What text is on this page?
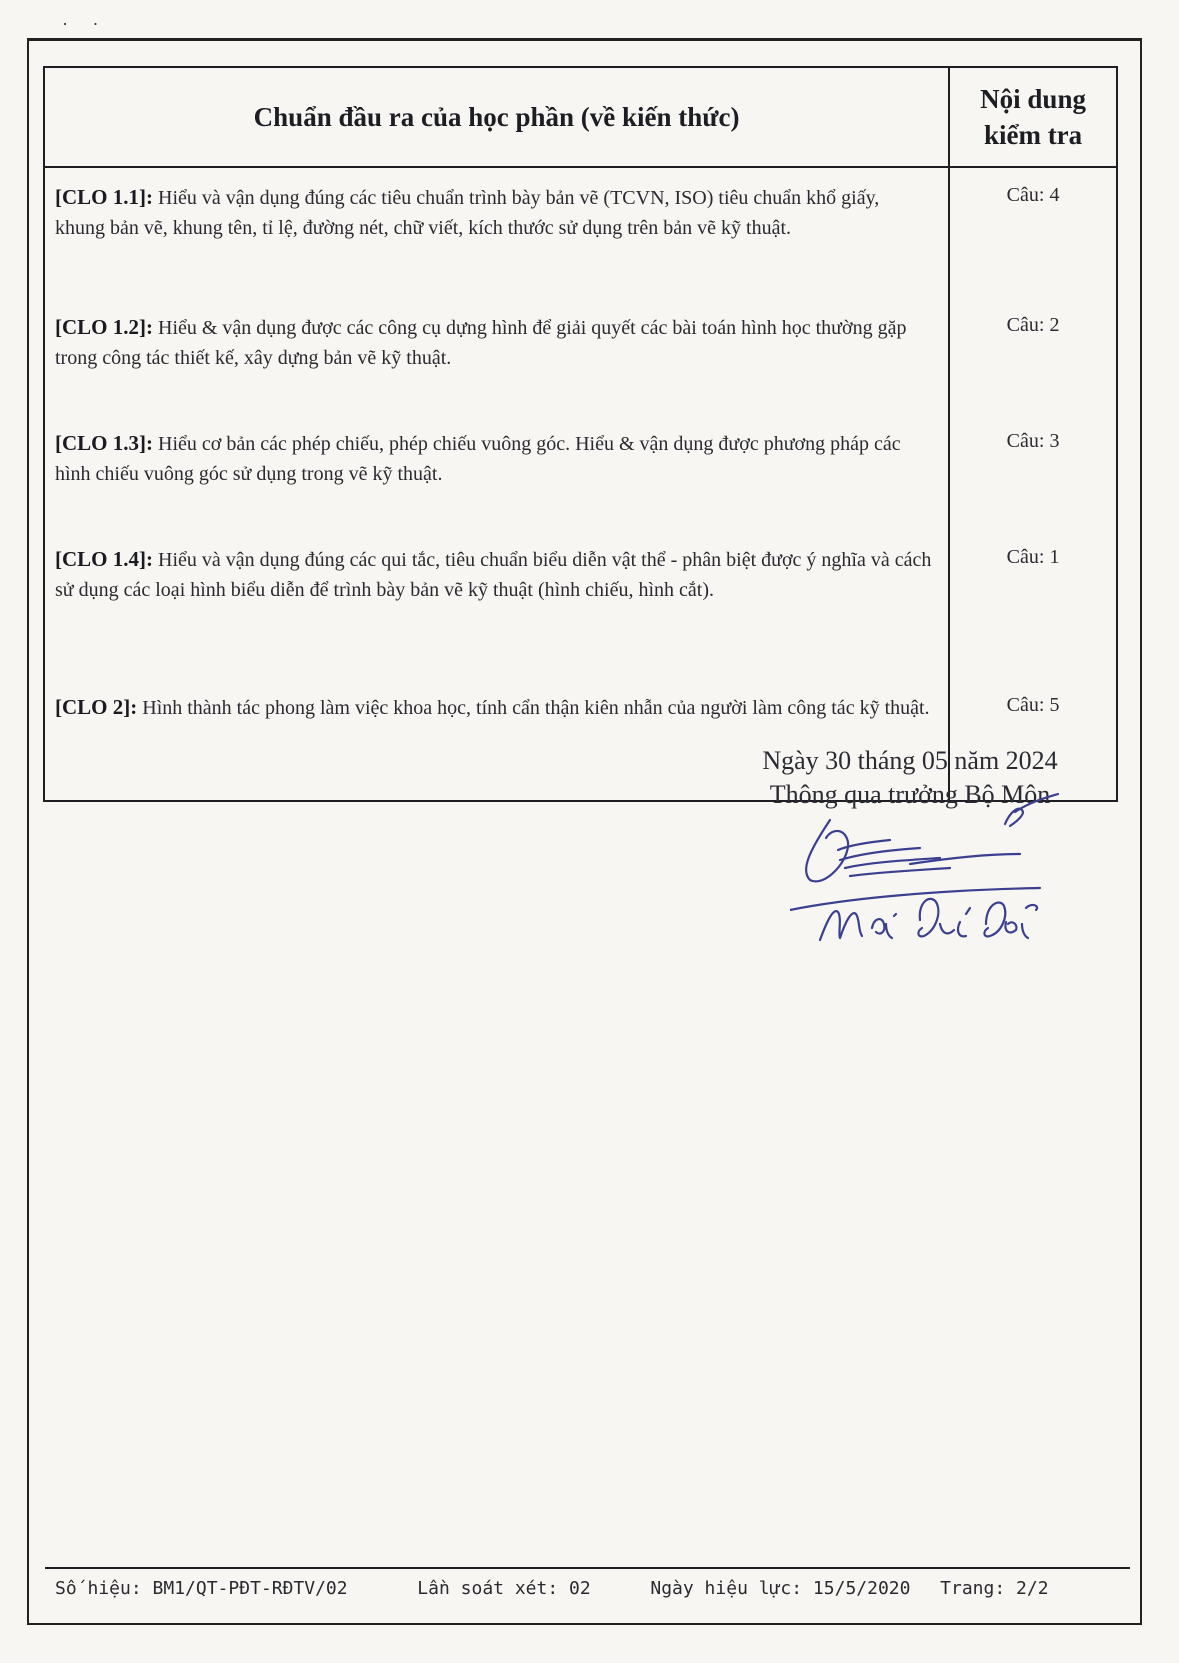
· ·
Chuẩn đầu ra của học phần (về kiến thức)	Nội dung
kiểm tra

[CLO 1.1]: Hiểu và vận dụng đúng các tiêu chuẩn trình bày bản vẽ (TCVN, ISO) tiêu chuẩn khổ giấy, khung bản vẽ, khung tên, tỉ lệ, đường nét, chữ viết, kích thước sử dụng trên bản vẽ kỹ thuật.	Câu: 4
[CLO 1.2]: Hiểu & vận dụng được các công cụ dựng hình để giải quyết các bài toán hình học thường gặp trong công tác thiết kế, xây dựng bản vẽ kỹ thuật.	Câu: 2
[CLO 1.3]: Hiểu cơ bản các phép chiếu, phép chiếu vuông góc. Hiểu & vận dụng được phương pháp các hình chiếu vuông góc sử dụng trong vẽ kỹ thuật.	Câu: 3
[CLO 1.4]: Hiểu và vận dụng đúng các qui tắc, tiêu chuẩn biểu diễn vật thể - phân biệt được ý nghĩa và cách sử dụng các loại hình biểu diễn để trình bày bản vẽ kỹ thuật (hình chiếu, hình cắt).	Câu: 1
[CLO 2]: Hình thành tác phong làm việc khoa học, tính cẩn thận kiên nhẫn của người làm công tác kỹ thuật.	Câu: 5
Ngày 30 tháng 05 năm 2024
Thông qua trưởng Bộ Môn
Số hiệu: BM1/QT-PĐT-RĐTV/02	Lần soát xét: 02	Ngày hiệu lực: 15/5/2020 Trang: 2/2
